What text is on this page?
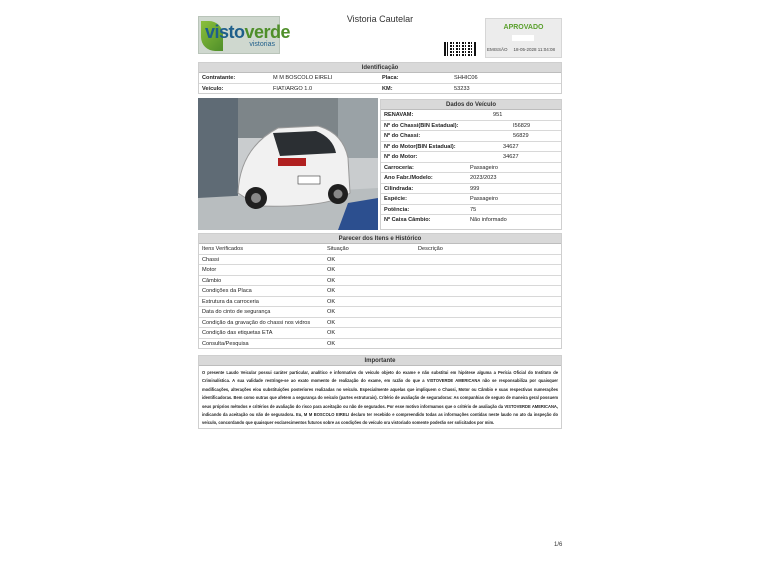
vistoverde
vistorias
Vistoria Cautelar
APROVADO
EMISSÃO 18-05-2028 11:04:08
Identificação
Contratante:	M M BOSCOLO EIRELI	Placa:	SHHIC06
Veículo:	FIAT/ARGO 1.0	KM:	53233
Dados do Veículo
RENAVAM:	951
Nº do Chassi(BIN Estadual):	I56829
Nº do Chassi:	56829
Nº do Motor(BIN Estadual):	34627
Nº do Motor:	34627
Carroceria:	Passageiro
Ano Fabr./Modelo:	2023/2023
Cilindrada:	999
Espécie:	Passageiro
Potência:	75
Nº Caixa Câmbio:	Não informado
Parecer dos Itens e Histórico
Itens Verificados	Situação	Descrição
Chassi	OK
Motor	OK
Câmbio	OK
Condições da Placa	OK
Estrutura da carroceria	OK
Data do cinto de segurança	OK
Condição da gravação do chassi nos vidros	OK
Condição das etiquetas ETA	OK
Consulta/Pesquisa	OK
Importante
O presente Laudo Veicular possui caráter particular, analítico e informativo do veículo objeto do exame e não substitui em hipótese alguma a Perícia Oficial do Instituto de Criminalística. A sua validade restringe-se ao exato momento de realização do exame, em razão do que a VISTOVERDE AMERICANA não se responsabiliza por quaisquer modificações, alterações e/ou substituições posteriores realizadas no veículo. Especialmente aquelas que impliquem o Chassi, Motor ou Câmbio e suas respectivas numerações identificadoras. Bem como outras que afetem a segurança do veículo (partes estruturais). Critério de avaliação de seguradoras: As companhias de seguro de maneira geral possuem seus próprios métodos e critérios de avaliação do risco para aceitação ou não de segurados. Por esse motivo informamos que o critério de avaliação da VISTOVERDE AMERICANA, indicando da aceitação ou não de seguradora. Eu, M M BOSCOLO EIRELI declaro ter recebido e compreendido todas as informações contidas neste laudo no ato da inspeção do veículo, concordando que quaisquer esclarecimentos futuros sobre as condições do veículo ora vistoriado somente poderão ser solicitados por mim.
1/6
